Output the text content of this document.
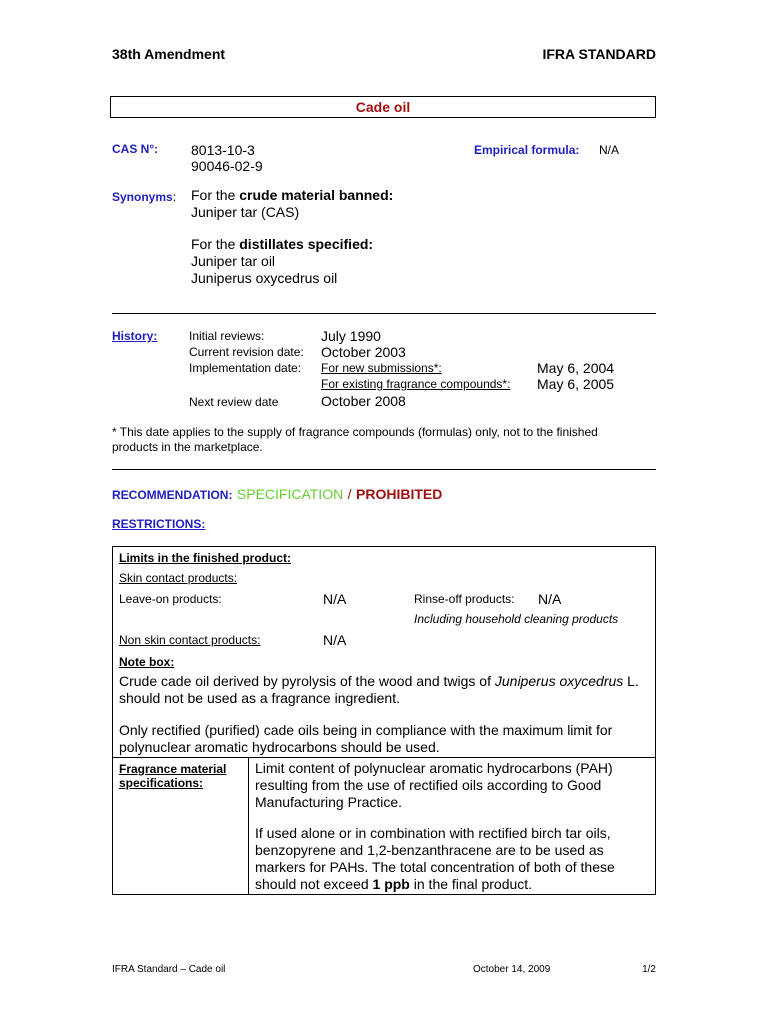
38th Amendment	IFRA STANDARD
Cade oil
CAS N°: 8013-10-3
90046-02-9
Empirical formula: N/A
Synonyms: For the crude material banned:
Juniper tar (CAS)
For the distillates specified:
Juniper tar oil
Juniperus oxycedrus oil
History:	Initial reviews:	July 1990
Current revision date: October 2003
Implementation date: For new submissions*:	May 6, 2004
For existing fragrance compounds*: May 6, 2005
Next review date	October 2008
* This date applies to the supply of fragrance compounds (formulas) only, not to the finished products in the marketplace.
RECOMMENDATION: SPECIFICATION / PROHIBITED
RESTRICTIONS:
Limits in the finished product:
Skin contact products:
Leave-on products:	N/A	Rinse-off products: N/A
Including household cleaning products
Non skin contact products:	N/A
Note box:
Crude cade oil derived by pyrolysis of the wood and twigs of Juniperus oxycedrus L. should not be used as a fragrance ingredient.
Only rectified (purified) cade oils being in compliance with the maximum limit for polynuclear aromatic hydrocarbons should be used.
Fragrance material specifications:
Limit content of polynuclear aromatic hydrocarbons (PAH) resulting from the use of rectified oils according to Good Manufacturing Practice.
If used alone or in combination with rectified birch tar oils, benzopyrene and 1,2-benzanthracene are to be used as markers for PAHs. The total concentration of both of these should not exceed 1 ppb in the final product.
IFRA Standard – Cade oil	October 14, 2009	1/2
